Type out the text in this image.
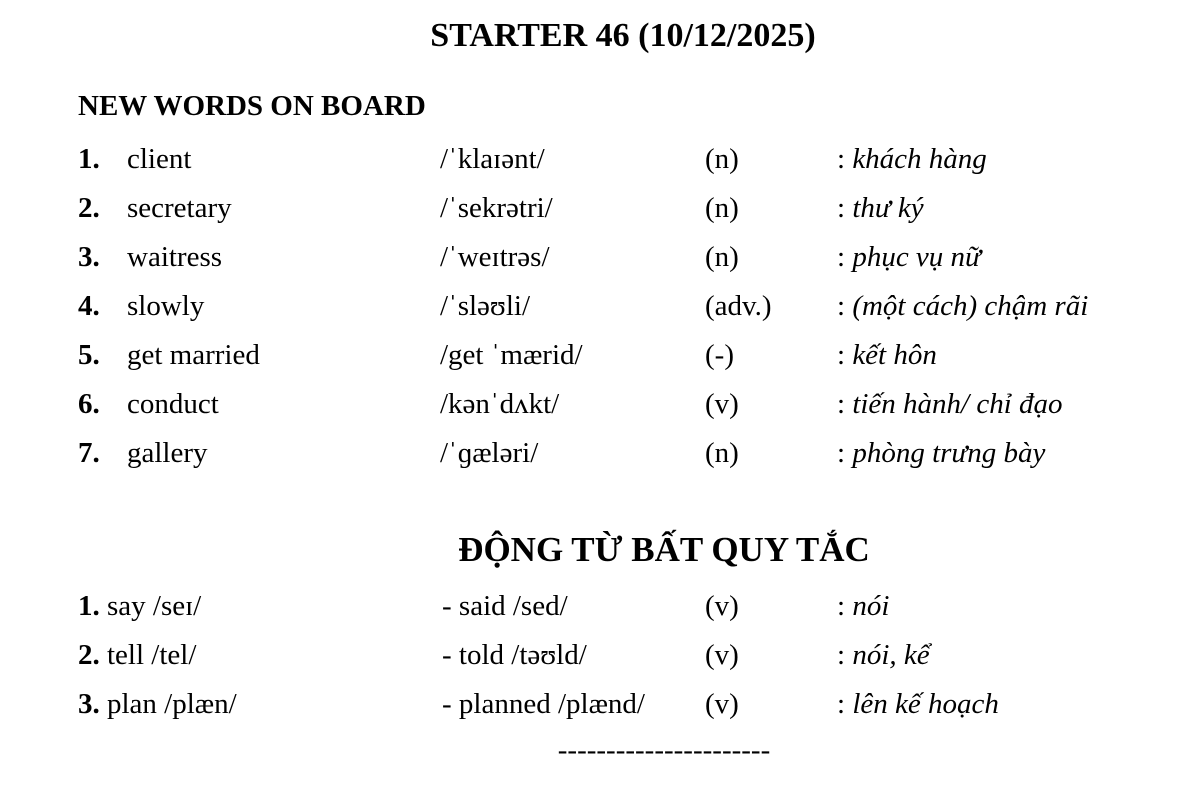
STARTER 46 (10/12/2025)
NEW WORDS ON BOARD
1. client	/ˈklaɪənt/	(n)	: khách hàng
2. secretary	/ˈsekrətri/	(n)	: thư ký
3. waitress	/ˈweɪtrəs/	(n)	: phục vụ nữ
4. slowly	/ˈsləʊli/	(adv.) : (một cách) chậm rãi
5. get married	/get ˈmærid/	(-)	: kết hôn
6. conduct	/kənˈdʌkt/	(v)	: tiến hành/ chỉ đạo
7. gallery	/ˈɡæləri/	(n)	: phòng trưng bày
ĐỘNG TỪ BẤT QUY TẮC
1. say /seɪ/	- said /sed/	(v)	: nói
2. tell /tel/	- told /təʊld/	(v)	: nói, kể
3. plan /plæn/	- planned /plænd/ (v)	: lên kế hoạch
----------------------
